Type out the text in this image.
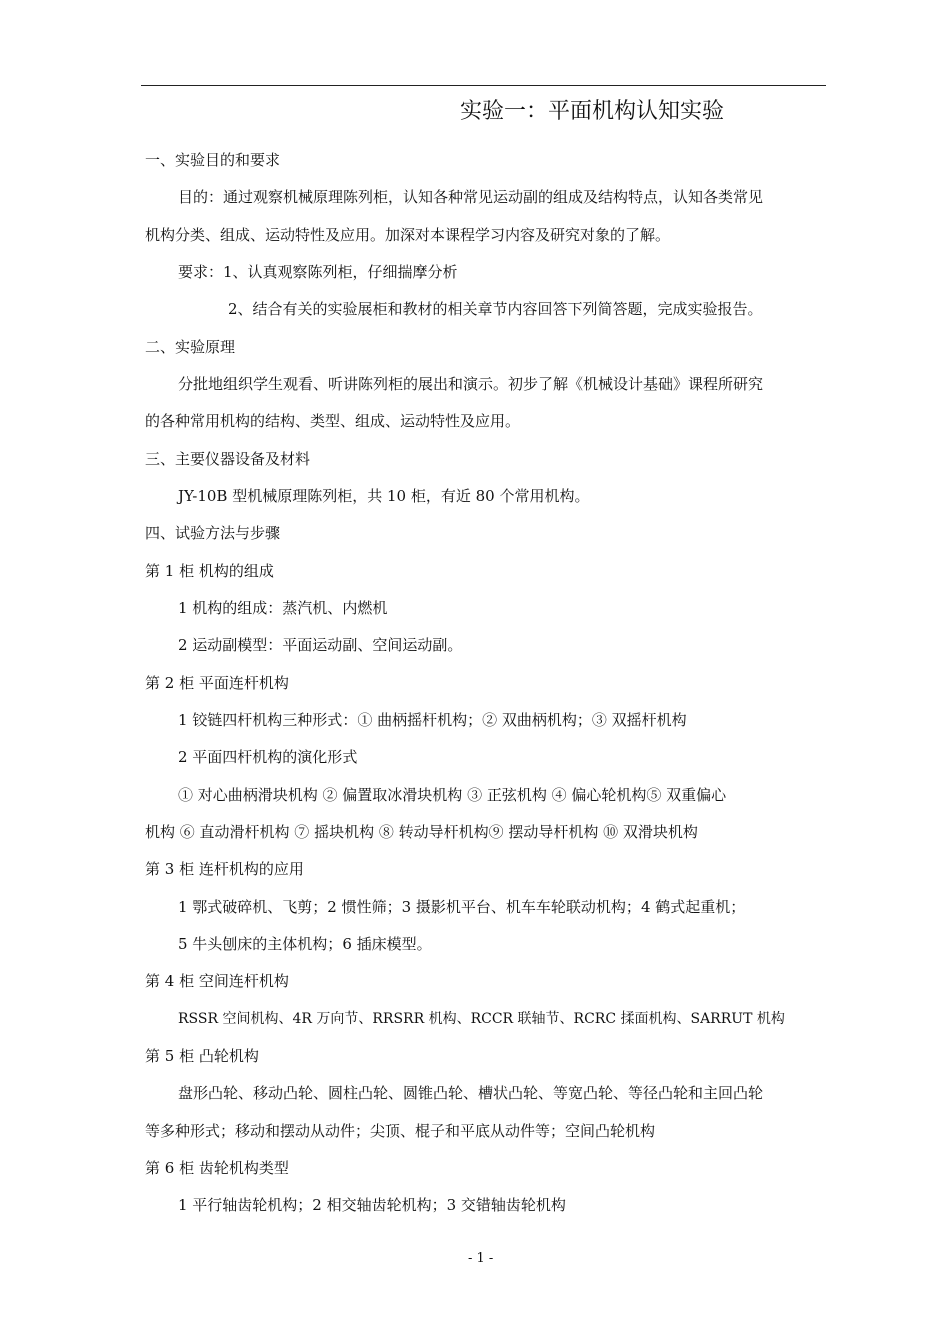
实验一：平面机构认知实验
一、实验目的和要求
目的：通过观察机械原理陈列柜，认知各种常见运动副的组成及结构特点，认知各类常见
机构分类、组成、运动特性及应用。加深对本课程学习内容及研究对象的了解。
要求：1、认真观察陈列柜，仔细揣摩分析
2、结合有关的实验展柜和教材的相关章节内容回答下列简答题，完成实验报告。
二、实验原理
分批地组织学生观看、听讲陈列柜的展出和演示。初步了解《机械设计基础》课程所研究
的各种常用机构的结构、类型、组成、运动特性及应用。
三、主要仪器设备及材料
JY-10B 型机械原理陈列柜，共 10 柜，有近 80 个常用机构。
四、试验方法与步骤
第 1 柜 机构的组成
1 机构的组成：蒸汽机、内燃机
2 运动副模型：平面运动副、空间运动副。
第 2 柜 平面连杆机构
1 铰链四杆机构三种形式：① 曲柄摇杆机构；② 双曲柄机构；③ 双摇杆机构
2 平面四杆机构的演化形式
① 对心曲柄滑块机构 ② 偏置取冰滑块机构 ③ 正弦机构 ④ 偏心轮机构⑤ 双重偏心
机构 ⑥ 直动滑杆机构 ⑦ 摇块机构 ⑧ 转动导杆机构⑨ 摆动导杆机构 ⑩ 双滑块机构
第 3 柜 连杆机构的应用
1 鄂式破碎机、飞剪；2 惯性筛；3 摄影机平台、机车车轮联动机构；4 鹤式起重机；
5 牛头刨床的主体机构；6 插床模型。
第 4 柜 空间连杆机构
RSSR 空间机构、4R 万向节、RRSRR 机构、RCCR 联轴节、RCRC 揉面机构、SARRUT 机构
第 5 柜 凸轮机构
盘形凸轮、移动凸轮、圆柱凸轮、圆锥凸轮、槽状凸轮、等宽凸轮、等径凸轮和主回凸轮
等多种形式；移动和摆动从动件；尖顶、棍子和平底从动件等；空间凸轮机构
第 6 柜 齿轮机构类型
1 平行轴齿轮机构；2 相交轴齿轮机构；3 交错轴齿轮机构
- 1 -
